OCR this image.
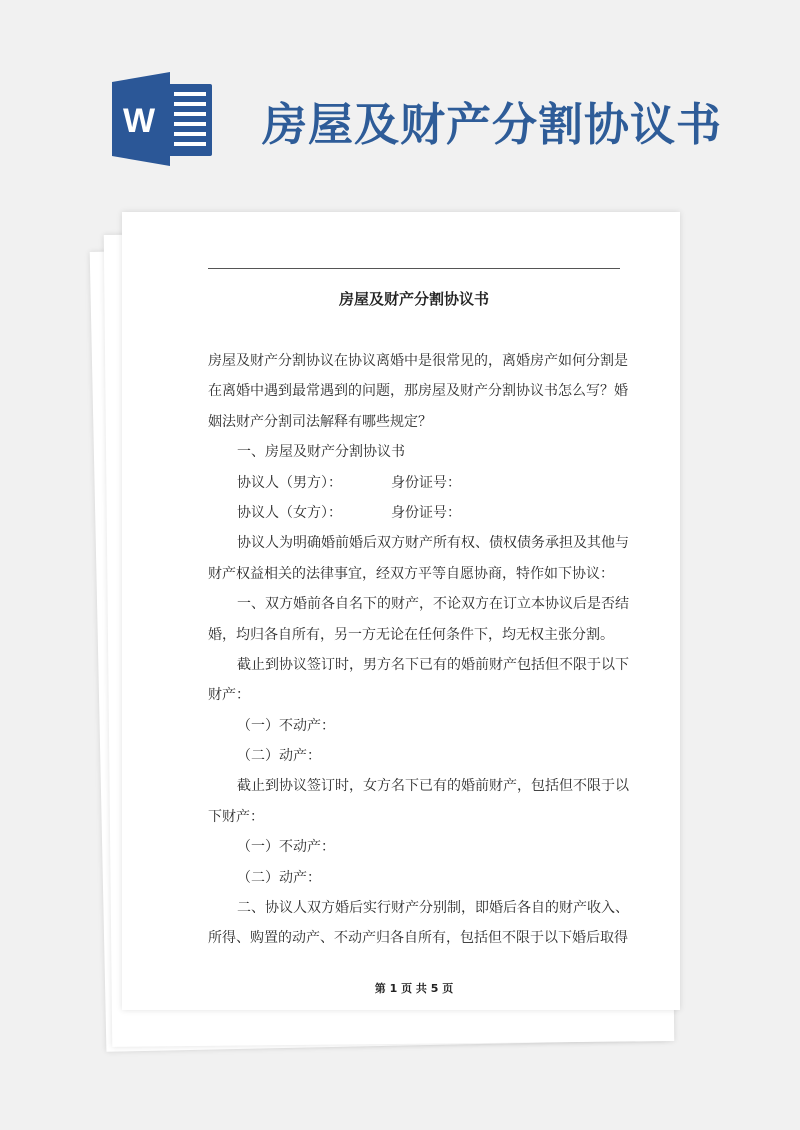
W 房屋及财产分割协议书
房屋及财产分割协议书
房屋及财产分割协议在协议离婚中是很常见的，离婚房产如何分割是
在离婚中遇到最常遇到的问题，那房屋及财产分割协议书怎么写？婚
姻法财产分割司法解释有哪些规定？
一、房屋及财产分割协议书
协议人（男方）：　　　　身份证号：
协议人（女方）：　　　　身份证号：
协议人为明确婚前婚后双方财产所有权、债权债务承担及其他与
财产权益相关的法律事宜，经双方平等自愿协商，特作如下协议：
一、双方婚前各自名下的财产，不论双方在订立本协议后是否结
婚，均归各自所有，另一方无论在任何条件下，均无权主张分割。
截止到协议签订时，男方名下已有的婚前财产包括但不限于以下
财产：
（一）不动产：
（二）动产：
截止到协议签订时，女方名下已有的婚前财产，包括但不限于以
下财产：
（一）不动产：
（二）动产：
二、协议人双方婚后实行财产分别制，即婚后各自的财产收入、
所得、购置的动产、不动产归各自所有，包括但不限于以下婚后取得
第 1 页 共 5 页
